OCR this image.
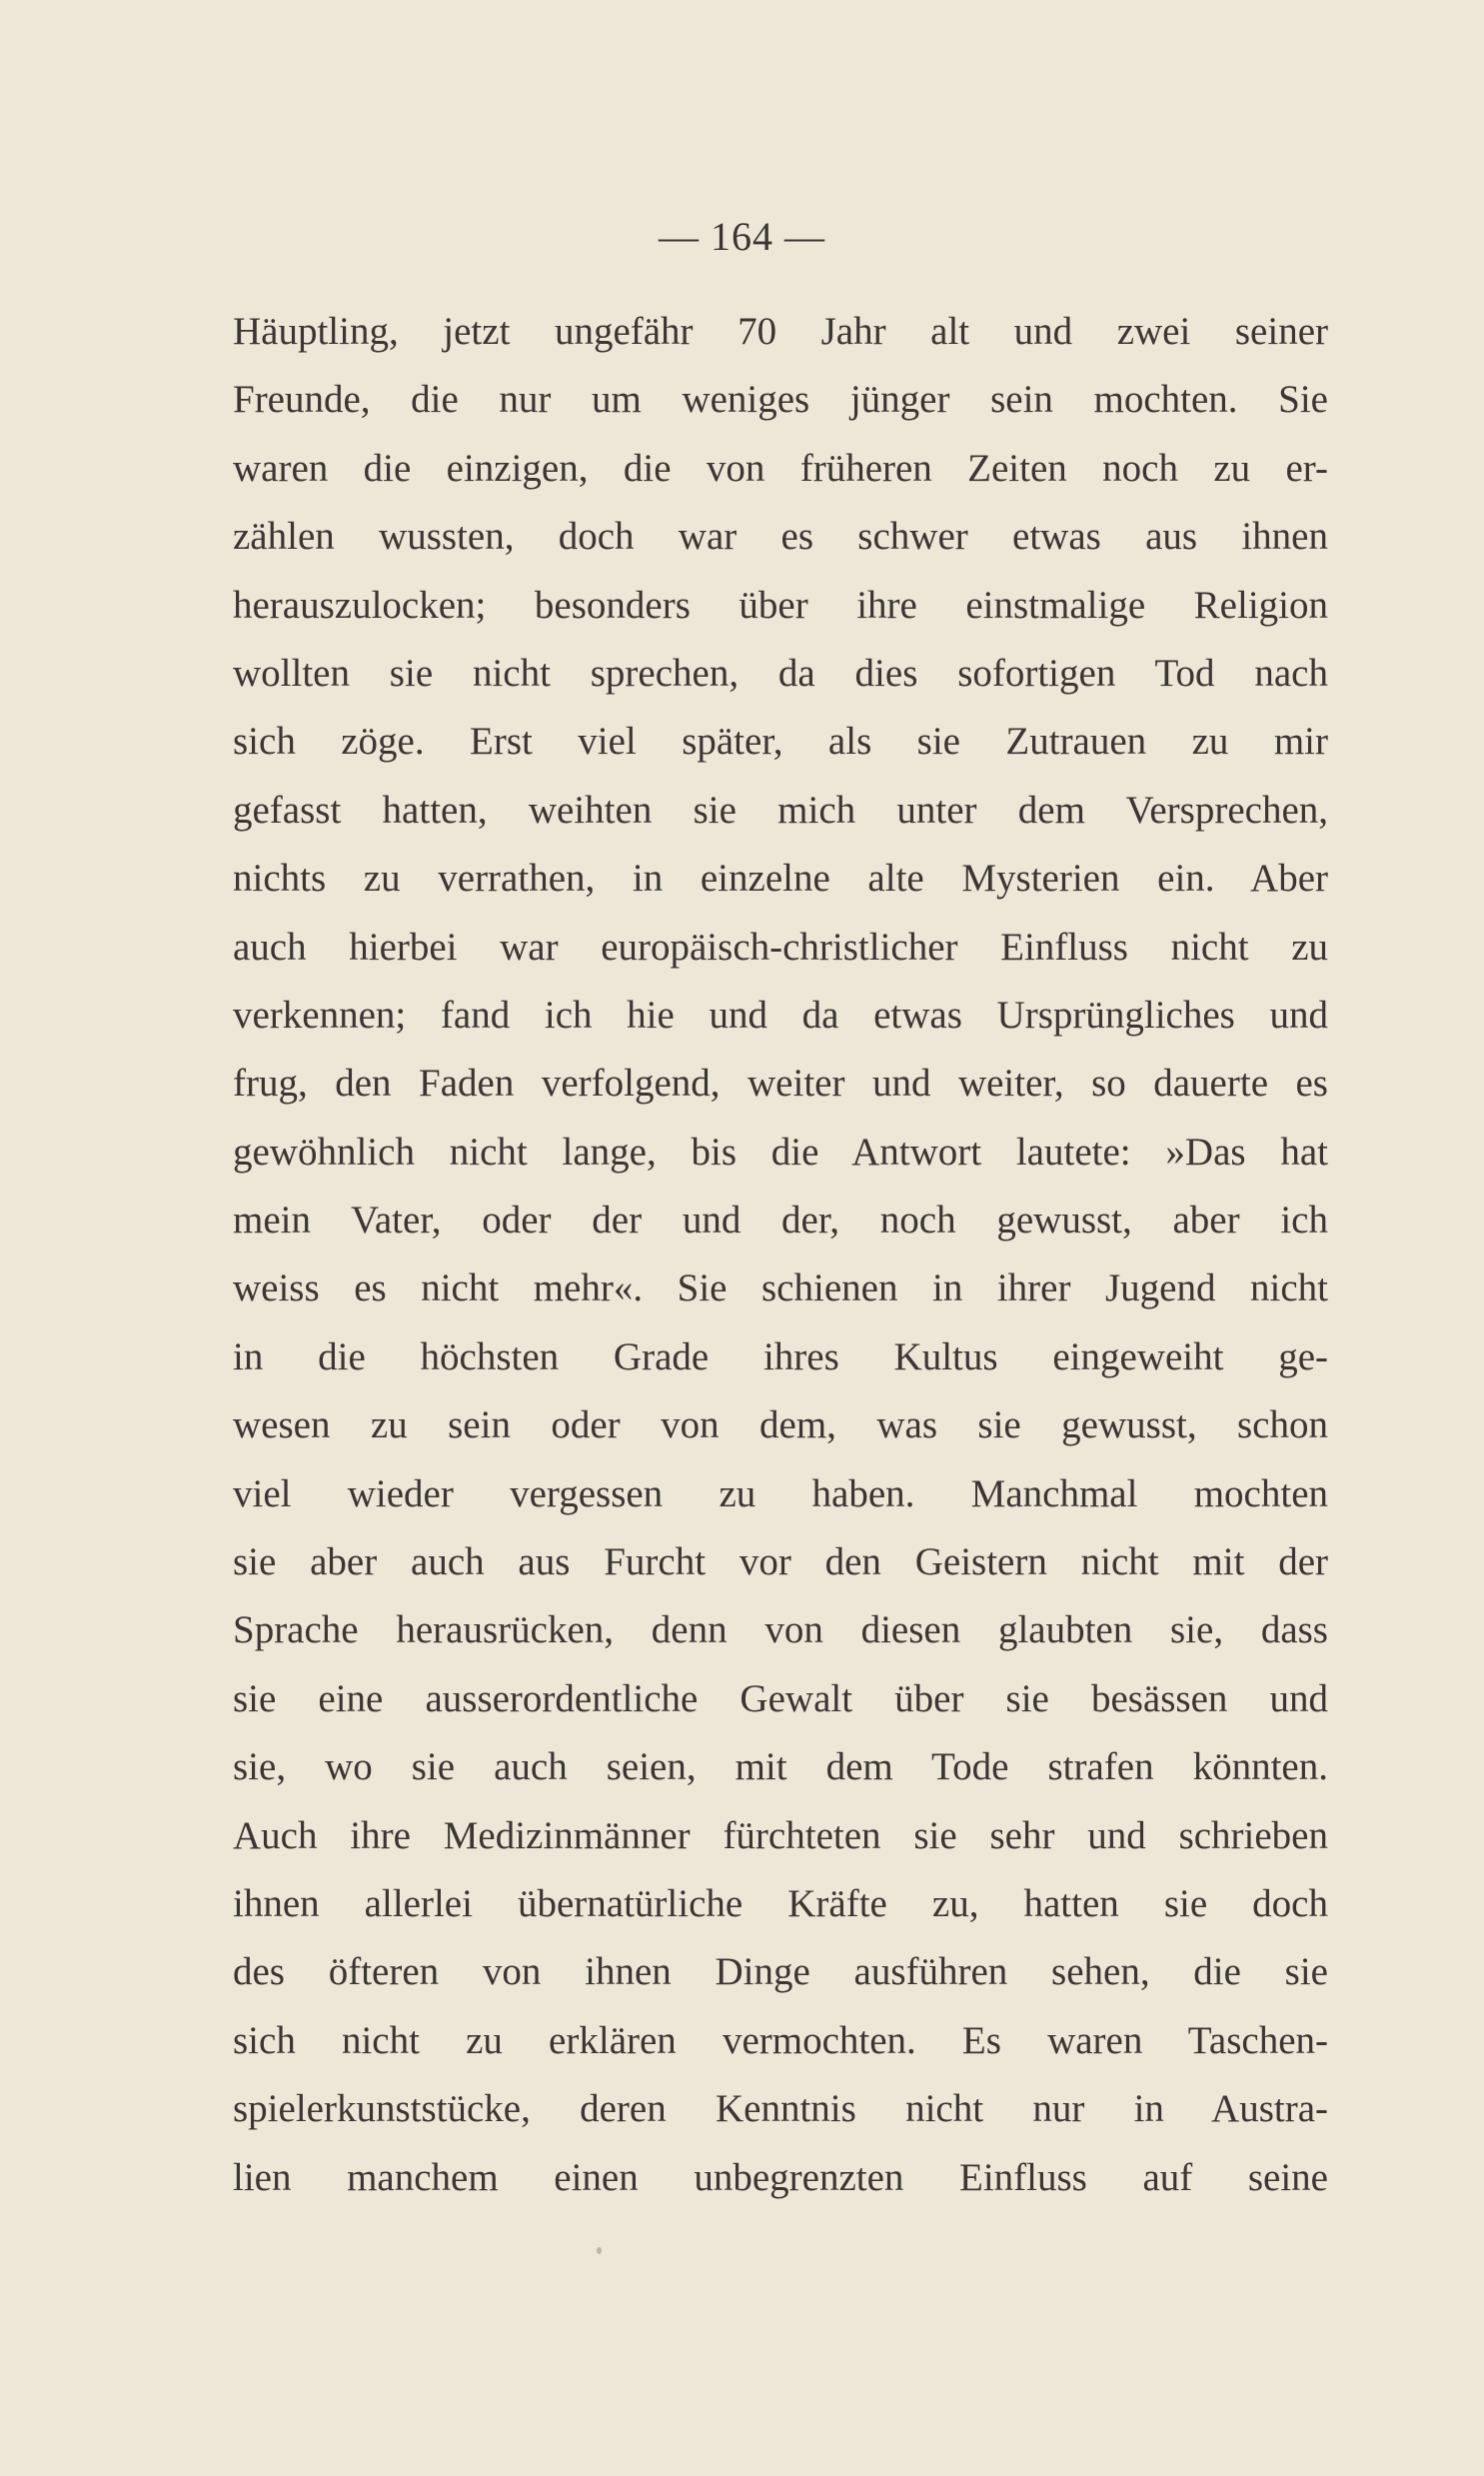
— 164 —
Häuptling, jetzt ungefähr 70 Jahr alt und zwei seiner
Freunde, die nur um weniges jünger sein mochten. Sie
waren die einzigen, die von früheren Zeiten noch zu er-
zählen wussten, doch war es schwer etwas aus ihnen
herauszulocken; besonders über ihre einstmalige Religion
wollten sie nicht sprechen, da dies sofortigen Tod nach
sich zöge. Erst viel später, als sie Zutrauen zu mir
gefasst hatten, weihten sie mich unter dem Versprechen,
nichts zu verrathen, in einzelne alte Mysterien ein. Aber
auch hierbei war europäisch-christlicher Einfluss nicht zu
verkennen; fand ich hie und da etwas Ursprüngliches und
frug, den Faden verfolgend, weiter und weiter, so dauerte es
gewöhnlich nicht lange, bis die Antwort lautete: »Das hat
mein Vater, oder der und der, noch gewusst, aber ich
weiss es nicht mehr«. Sie schienen in ihrer Jugend nicht
in die höchsten Grade ihres Kultus eingeweiht ge-
wesen zu sein oder von dem, was sie gewusst, schon
viel wieder vergessen zu haben. Manchmal mochten
sie aber auch aus Furcht vor den Geistern nicht mit der
Sprache herausrücken, denn von diesen glaubten sie, dass
sie eine ausserordentliche Gewalt über sie besässen und
sie, wo sie auch seien, mit dem Tode strafen könnten.
Auch ihre Medizinmänner fürchteten sie sehr und schrieben
ihnen allerlei übernatürliche Kräfte zu, hatten sie doch
des öfteren von ihnen Dinge ausführen sehen, die sie
sich nicht zu erklären vermochten. Es waren Taschen-
spielerkunststücke, deren Kenntnis nicht nur in Austra-
lien manchem einen unbegrenzten Einfluss auf seine
